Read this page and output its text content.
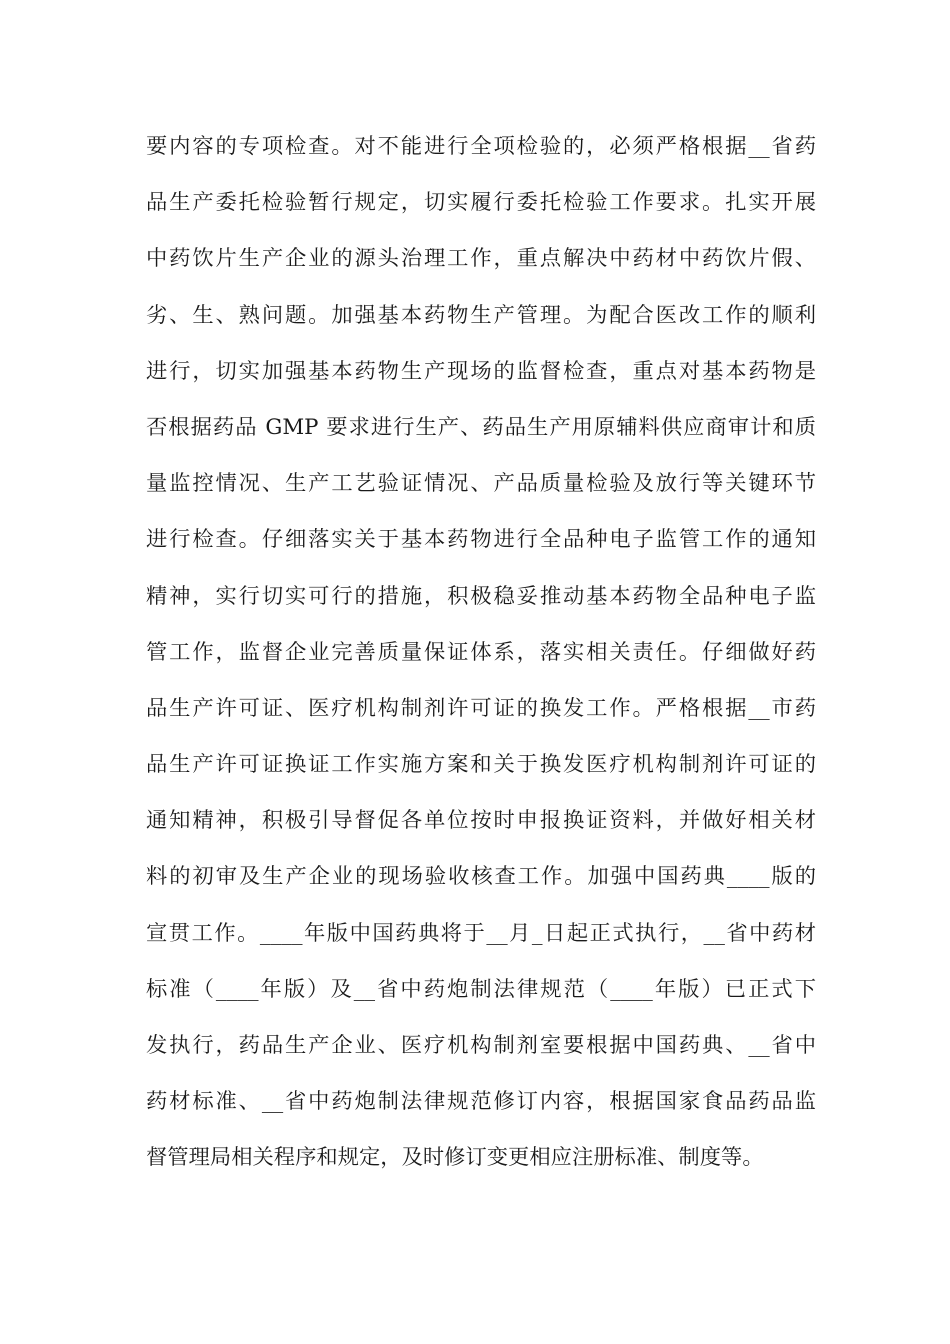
要内容的专项检查。对不能进行全项检验的，必须严格根据__省药
品生产委托检验暂行规定，切实履行委托检验工作要求。扎实开展
中药饮片生产企业的源头治理工作，重点解决中药材中药饮片假、
劣、生、熟问题。加强基本药物生产管理。为配合医改工作的顺利
进行，切实加强基本药物生产现场的监督检查，重点对基本药物是
否根据药品 GMP 要求进行生产、药品生产用原辅料供应商审计和质
量监控情况、生产工艺验证情况、产品质量检验及放行等关键环节
进行检查。仔细落实关于基本药物进行全品种电子监管工作的通知
精神，实行切实可行的措施，积极稳妥推动基本药物全品种电子监
管工作，监督企业完善质量保证体系，落实相关责任。仔细做好药
品生产许可证、医疗机构制剂许可证的换发工作。严格根据__市药
品生产许可证换证工作实施方案和关于换发医疗机构制剂许可证的
通知精神，积极引导督促各单位按时申报换证资料，并做好相关材
料的初审及生产企业的现场验收核查工作。加强中国药典____版的
宣贯工作。____年版中国药典将于__月_日起正式执行，__省中药材
标准（____年版）及__省中药炮制法律规范（____年版）已正式下
发执行，药品生产企业、医疗机构制剂室要根据中国药典、__省中
药材标准、__省中药炮制法律规范修订内容，根据国家食品药品监
督管理局相关程序和规定，及时修订变更相应注册标准、制度等。
